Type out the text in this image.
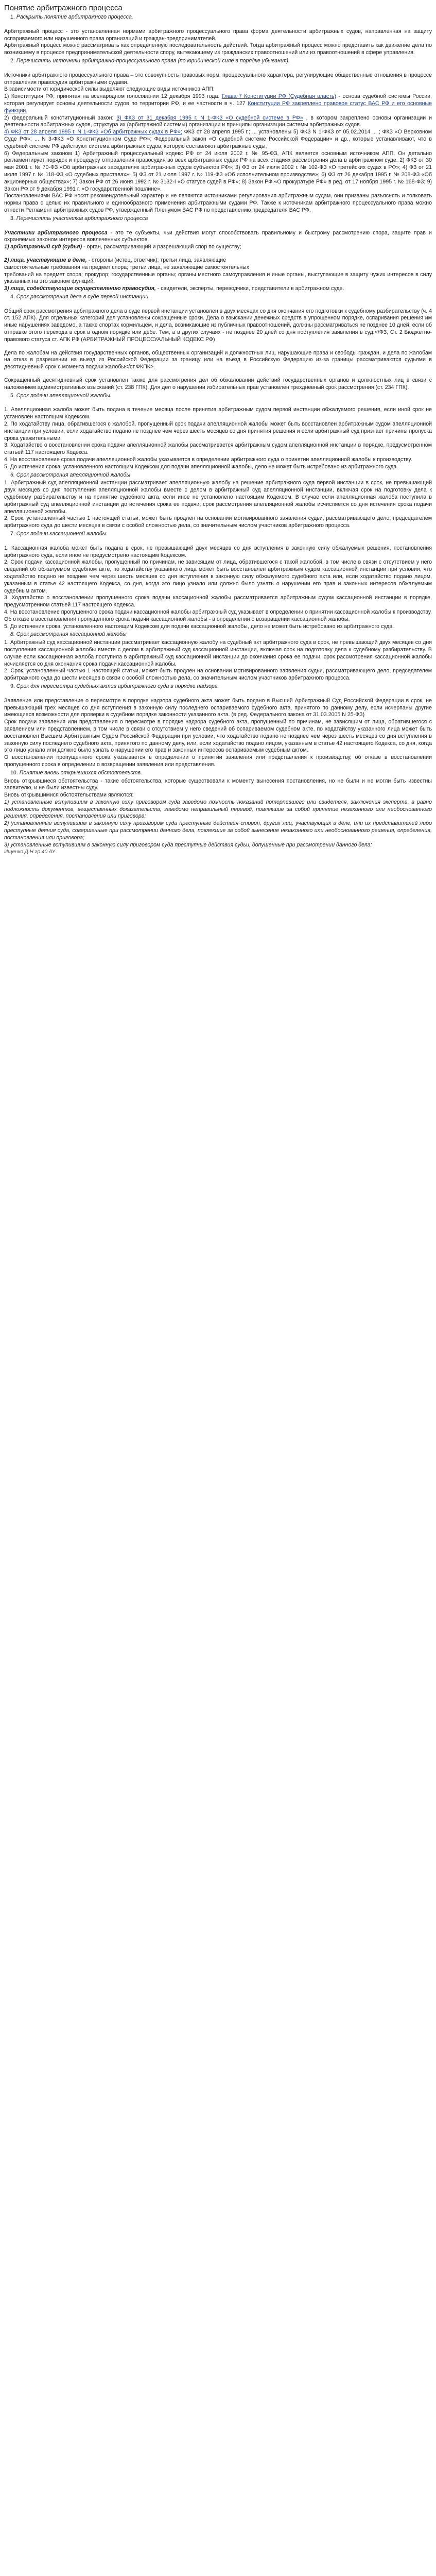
Понятие арбитражного процесса

1. Раскрыть понятие арбитражного процесса.

Арбитражный процесс - это установленная нормами арбитражного процессуального права форма деятельности арбитражных судов, направленная на защиту оспариваемого или нарушенного права организаций и граждан-предпринимателей.

Арбитражный процесс можно рассматривать как определенную последовательность действий. Тогда арбитражный процесс можно представить как движение дела по возникшему в процессе предпринимательской деятельности спору, вытекающему из гражданских правоотношений или из правоотношений в сфере управления.

2. Перечислить источники арбитражно-процессуального права (по юридической силе в порядке убывания).

Источники арбитражного процессуального права – это совокупность правовых норм, процессуального характера, регулирующие общественные отношения в процессе отправления правосудия арбитражными судами.

В зависимости от юридической силы выделяют следующие виды источников АПП:

1) Конституция РФ; принятая на всенародном голосовании 12 декабря 1993 года. Глава 7 Конституции РФ (Судебная власть) - основа судебной системы России, которая регулирует основы деятельности судов по территории РФ, и ее частности в ч. 127 Конституции РФ закреплено правовое статус ВАС РФ и его основные функции.

2) федеральный конституционный закон: 3) ФКЗ от 31 декабря 1995 г. N 1-ФКЗ «О судебной системе в РФ» , в котором закреплено основы организации и деятельности арбитражных судов, структура их (арбитражной системы) организации и принципы организации системы арбитражных судов.

4) ФКЗ от 28 апреля 1995 г. N 1-ФКЗ «Об арбитражных судах в РФ»; ФКЗ от 28 апреля 1995 г.; ... установлены 5) ФКЗ N 1-ФКЗ от 05.02.2014 ... ; ФКЗ «О Верховном Суде РФ»; ... N 3-ФКЗ «О Конституционном Суде РФ»; Федеральный закон «О судебной системе Российской Федерации» и др., которые устанавливают, что в судебной системе РФ действуют система арбитражных судов, которую составляют арбитражные суды,

6) Федеральным законом 1) Арбитражный процессуальный кодекс РФ от 24 июля 2002 г. № 95-ФЗ, АПК является основным источником АПП. Он детально регламентирует порядок и процедуру отправления правосудия во всех арбитражных судах РФ на всех стадиях рассмотрения дела в арбитражном суде. 2) ФКЗ от 30 мая 2001 г. № 70-ФЗ «Об арбитражных заседателях арбитражных судов субъектов РФ»; 3) ФЗ от 24 июля 2002 г. № 102-ФЗ «О третейских судах в РФ»; 4) ФЗ от 21 июля 1997 г. № 118-ФЗ «О судебных приставах»; 5) ФЗ от 21 июля 1997 г. № 119-ФЗ «Об исполнительном производстве»; 6) ФЗ от 26 декабря 1995 г. № 208-ФЗ «Об акционерных обществах»; 7) Закон РФ от 26 июня 1992 г. № 3132-I «О статусе судей в РФ»; 8) Закон РФ «О прокуратуре РФ» в ред. от 17 ноября 1995 г. № 168-ФЗ; 9) Закон РФ от 9 декабря 1991 г. «О государственной пошлине».

Постановлениями ВАС РФ носят рекомендательный характер и не являются источниками регулирования арбитражным судам, они призваны разъяснять и толковать нормы права с целью их правильного и единообразного применения арбитражными судами РФ. Также к источникам арбитражного процессуального права можно отнести Регламент арбитражных судов РФ, утвержденный Пленумом ВАС РФ по представлению председателя ВАС РФ.

3. Перечислить участников арбитражного процесса

Участники арбитражного процесса - это те субъекты, чьи действия могут способствовать правильному и быстрому рассмотрению спора, защите прав и охраняемых законом интересов вовлеченных субъектов.

1) арбитражный суд (судья) - орган, рассматривающий и разрешающий спор по существу;

2) лица, участвующие в деле, - стороны (истец, ответчик); третьи лица, заявляющие

самостоятельные требования на предмет спора; третьи лица, не заявляющие самостоятельных

требований на предмет спора; прокурор; государственные органы; органы местного самоуправления и иные органы, выступающие в защиту чужих интересов в силу указанных на это законом функций;

3) лица, содействующие осуществлению правосудия, - свидетели, эксперты, переводчики, представители в арбитражном суде.

4. Срок рассмотрения дела в суде первой инстанции.

Общий срок рассмотрения арбитражного дела в суде первой инстанции установлен в двух месяцах со дня окончания его подготовки к судебному разбирательству (ч. 4 ст. 152 АПК). Для отдельных категорий дел установлены сокращенные сроки. Дела о взыскании денежных средств в упрощенном порядке, оспаривания решения им иные нарушениях заведомо, а также спортах кормильцем, и дела, возникающие из публичных правоотношений, должны рассматриваться не позднее 10 дней, если об отправке этого перехода в срок в одном порядке или дебе. Тем, а в других случаях - не позднее 20 дней со дня поступления заявления в суд.</ФЗ, Ст. 2 Бюджетно-правового статуса ст. АПК РФ (АРБИТРАЖНЫЙ ПРОЦЕССУАЛЬНЫЙ КОДЕКС РФ)

Дела по жалобам на действия государственных органов, общественных организаций и должностных лиц, нарушающие права и свободы граждан, и дела по жалобам на отказ в разрешении на выезд из Российской Федерации за границу или на въезд в Российскую Федерацию из-за границы рассматриваются судьями в десятидневный срок с момента подачи жалобы</ст.ФКПК>.

Сокращенный десятидневный срок установлен также для рассмотрения дел об обжаловании действий государственных органов и должностных лиц в связи с наложением административных взысканий (ст. 238 ГПК). Для дел о нарушении избирательных прав установлен трехдневный срок рассмотрения (ст. 234 ГПК).

5. Срок подачи апелляционной жалобы.

1. Апелляционная жалоба может быть подана в течение месяца после принятия арбитражным судом первой инстанции обжалуемого решения, если иной срок не установлен настоящим Кодексом.

2. По ходатайству лица, обратившегося с жалобой, пропущенный срок подачи апелляционной жалобы может быть восстановлен арбитражным судом апелляционной инстанции при условии, если ходатайство подано не позднее чем через шесть месяцев со дня принятия решения и если арбитражный суд признает причины пропуска срока уважительными.

3. Ходатайство о восстановлении срока подачи апелляционной жалобы рассматривается арбитражным судом апелляционной инстанции в порядке, предусмотренном статьей 117 настоящего Кодекса.

4. На восстановление срока подачи апелляционной жалобы указывается в определении арбитражного суда о принятии апелляционной жалобы к производству.

5. До истечения срока, установленного настоящим Кодексом для подачи апелляционной жалобы, дело не может быть истребовано из арбитражного суда.

6. Срок рассмотрения апелляционной жалобы

1. Арбитражный суд апелляционной инстанции рассматривает апелляционную жалобу на решение арбитражного суда первой инстанции в срок, не превышающий двух месяцев со дня поступления апелляционной жалобы вместе с делом в арбитражный суд апелляционной инстанции, включая срок на подготовку дела к судебному разбирательству и на принятие судебного акта, если иное не установлено настоящим Кодексом. В случае если апелляционная жалоба поступила в арбитражный суд апелляционной инстанции до истечения срока ее подачи, срок рассмотрения апелляционной жалобы исчисляется со дня истечения срока подачи апелляционной жалобы.

2. Срок, установленный частью 1 настоящей статьи, может быть продлен на основании мотивированного заявления судьи, рассматривающего дело, председателем арбитражного суда до шести месяцев в связи с особой сложностью дела, со значительным числом участников арбитражного процесса.

7. Срок подачи кассационной жалобы.

1. Кассационная жалоба может быть подана в срок, не превышающий двух месяцев со дня вступления в законную силу обжалуемых решения, постановления арбитражного суда, если иное не предусмотрено настоящим Кодексом.

2. Срок подачи кассационной жалобы, пропущенный по причинам, не зависящим от лица, обратившегося с такой жалобой, в том числе в связи с отсутствием у него сведений об обжалуемом судебном акте, по ходатайству указанного лица может быть восстановлен арбитражным судом кассационной инстанции при условии, что ходатайство подано не позднее чем через шесть месяцев со дня вступления в законную силу обжалуемого судебного акта или, если ходатайство подано лицом, указанным в статье 42 настоящего Кодекса, со дня, когда это лицо узнало или должно было узнать о нарушении его прав и законных интересов обжалуемым судебным актом.

3. Ходатайство о восстановлении пропущенного срока подачи кассационной жалобы рассматривается арбитражным судом кассационной инстанции в порядке, предусмотренном статьей 117 настоящего Кодекса.

4. На восстановление пропущенного срока подачи кассационной жалобы арбитражный суд указывает в определении о принятии кассационной жалобы к производству. Об отказе в восстановлении пропущенного срока подачи кассационной жалобы - в определении о возвращении кассационной жалобы.

5. До истечения срока, установленного настоящим Кодексом для подачи кассационной жалобы, дело не может быть истребовано из арбитражного суда.

8. Срок рассмотрения кассационной жалобы

1. Арбитражный суд кассационной инстанции рассматривает кассационную жалобу на судебный акт арбитражного суда в срок, не превышающий двух месяцев со дня поступления кассационной жалобы вместе с делом в арбитражный суд кассационной инстанции, включая срок на подготовку дела к судебному разбирательству. В случае если кассационная жалоба поступила в арбитражный суд кассационной инстанции до окончания срока ее подачи, срок рассмотрения кассационной жалобы исчисляется со дня окончания срока подачи кассационной жалобы.

2. Срок, установленный частью 1 настоящей статьи, может быть продлен на основании мотивированного заявления судьи, рассматривающего дело, председателем арбитражного суда до шести месяцев в связи с особой сложностью дела, со значительным числом участников арбитражного процесса.

9. Срок для пересмотра судебных актов арбитражного суда в порядке надзора.

Заявление или представление о пересмотре в порядке надзора судебного акта может быть подано в Высший Арбитражный Суд Российской Федерации в срок, не превышающий трех месяцев со дня вступления в законную силу последнего оспариваемого судебного акта, принятого по данному делу, если исчерпаны другие имеющиеся возможности для проверки в судебном порядке законности указанного акта. (в ред. Федерального закона от 31.03.2005 N 25-ФЗ)

Срок подачи заявления или представления о пересмотре в порядке надзора судебного акта, пропущенный по причинам, не зависящим от лица, обратившегося с заявлением или представлением, в том числе в связи с отсутствием у него сведений об оспариваемом судебном акте, по ходатайству указанного лица может быть восстановлен Высшим Арбитражным Судом Российской Федерации при условии, что ходатайство подано не позднее чем через шесть месяцев со дня вступления в законную силу последнего судебного акта, принятого по данному делу, или, если ходатайство подано лицом, указанным в статье 42 настоящего Кодекса, со дня, когда это лицо узнало или должно было узнать о нарушении его прав и законных интересов оспариваемым судебным актом.

О восстановлении пропущенного срока указывается в определении о принятии заявления или представления к производству, об отказе в восстановлении пропущенного срока в определении о возвращении заявления или представления.

10. Понятие вновь открывшихся обстоятельств.

Вновь открывшиеся обстоятельства - такие обстоятельства, которые существовали к моменту вынесения постановления, но не были и не могли быть известны заявителю, и не были известны суду.

Вновь открывшимися обстоятельствами являются:

1) установленные вступившим в законную силу приговором суда заведомо ложность показаний потерпевшего или свидетеля, заключения эксперта, а равно подложность документов, вещественных доказательств, заведомо неправильный перевод, повлекшие за собой принятие незаконного или необоснованного решения, определения, постановления или приговора;

2) установленные вступившим в законную силу приговором суда преступные действия сторон, других лиц, участвующих в деле, или их представителей либо преступные деяния суда, совершенные при рассмотрении данного дела, повлекшие за собой вынесение незаконного или необоснованного решения, определения, постановления или приговора;

3) установленные вступившим в законную силу приговором суда преступные действия судьи, допущенные при рассмотрении данного дела;

Ищенко Д.Н.гр.40 АУ
